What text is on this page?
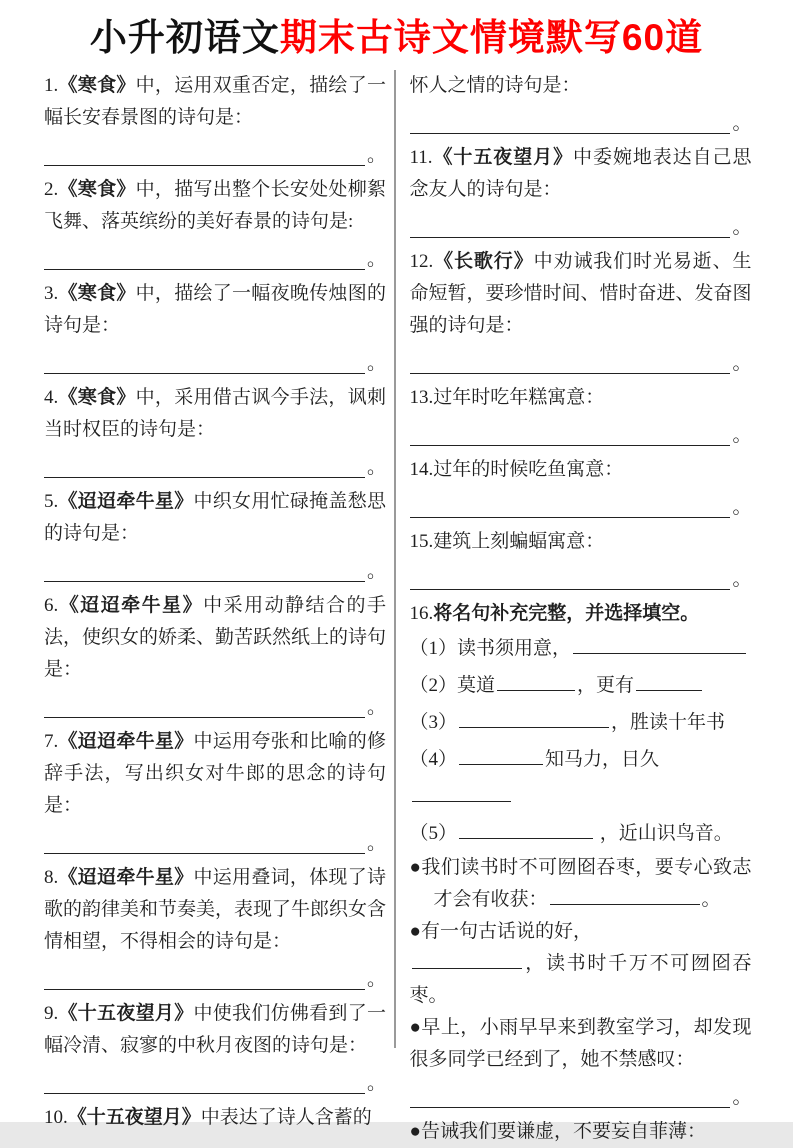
小升初语文期末古诗文情境默写60道
1.《寒食》中，运用双重否定，描绘了一幅长安春景图的诗句是：
。
2.《寒食》中，描写出整个长安处处柳絮飞舞、落英缤纷的美好春景的诗句是:
。
3.《寒食》中，描绘了一幅夜晚传烛图的诗句是：
。
4.《寒食》中，采用借古讽今手法，讽刺当时权臣的诗句是：
。
5.《迢迢牵牛星》中织女用忙碌掩盖愁思的诗句是：
。
6.《迢迢牵牛星》中采用动静结合的手法，使织女的娇柔、勤苦跃然纸上的诗句是：
。
7.《迢迢牵牛星》中运用夸张和比喻的修辞手法，写出织女对牛郎的思念的诗句是：
。
8.《迢迢牵牛星》中运用叠词，体现了诗歌的韵律美和节奏美，表现了牛郎织女含情相望，不得相会的诗句是：
。
9.《十五夜望月》中使我们仿佛看到了一幅冷清、寂寥的中秋月夜图的诗句是：
。
10.《十五夜望月》中表达了诗人含蓄的
怀人之情的诗句是：
。
11.《十五夜望月》中委婉地表达自己思念友人的诗句是：
。
12.《长歌行》中劝诫我们时光易逝、生命短暂，要珍惜时间、惜时奋进、发奋图强的诗句是：
。
13.过年时吃年糕寓意：
。
14.过年的时候吃鱼寓意：
。
15.建筑上刻蝙蝠寓意：
。
16.将名句补充完整，并选择填空。
（1）读书须用意，
（2）莫道	，更有
（3）	，胜读十年书
（4）	知马力，日久
（5）	，近山识鸟音。
●我们读书时不可囫囵吞枣，要专心致志才会有收获：	。
●有一句古话说的好，
，读书时千万不可囫囵吞枣。
●早上，小雨早早来到教室学习，却发现很多同学已经到了，她不禁感叹：
。
●告诫我们要谦虚，不要妄自菲薄：
